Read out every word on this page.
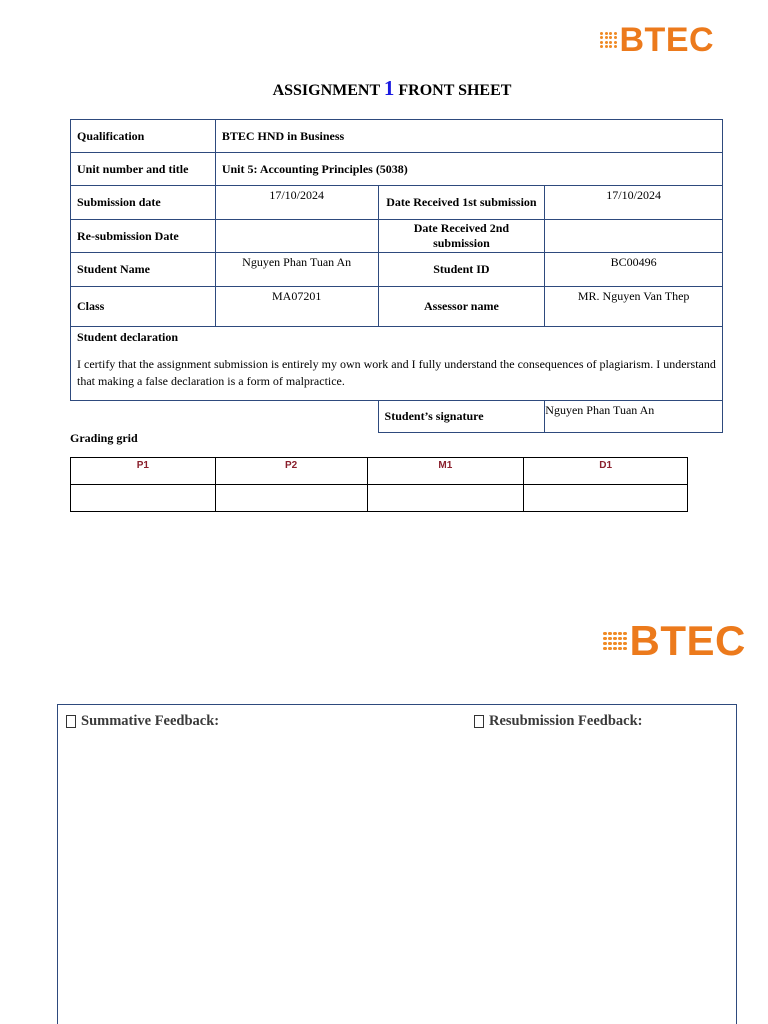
BTEC
ASSIGNMENT 1 FRONT SHEET
Qualification	BTEC HND in Business		
Unit number and title	Unit 5: Accounting Principles (5038)		
Submission date	17/10/2024	Date Received 1st submission	17/10/2024
Re-submission Date		Date Received 2nd submission	
Student Name	Nguyen Phan Tuan An	Student ID	BC00496
Class	MA07201	Assessor name	MR. Nguyen Van Thep

Student declaration
I certify that the assignment submission is entirely my own work and I fully understand the consequences of plagiarism. I understand that making a false declaration is a form of malpractice.			

		Student’s signature	Nguyen Phan Tuan An
Grading grid
P1	P2	M1	D1

BTEC
Summative Feedback:	Resubmission Feedback:
